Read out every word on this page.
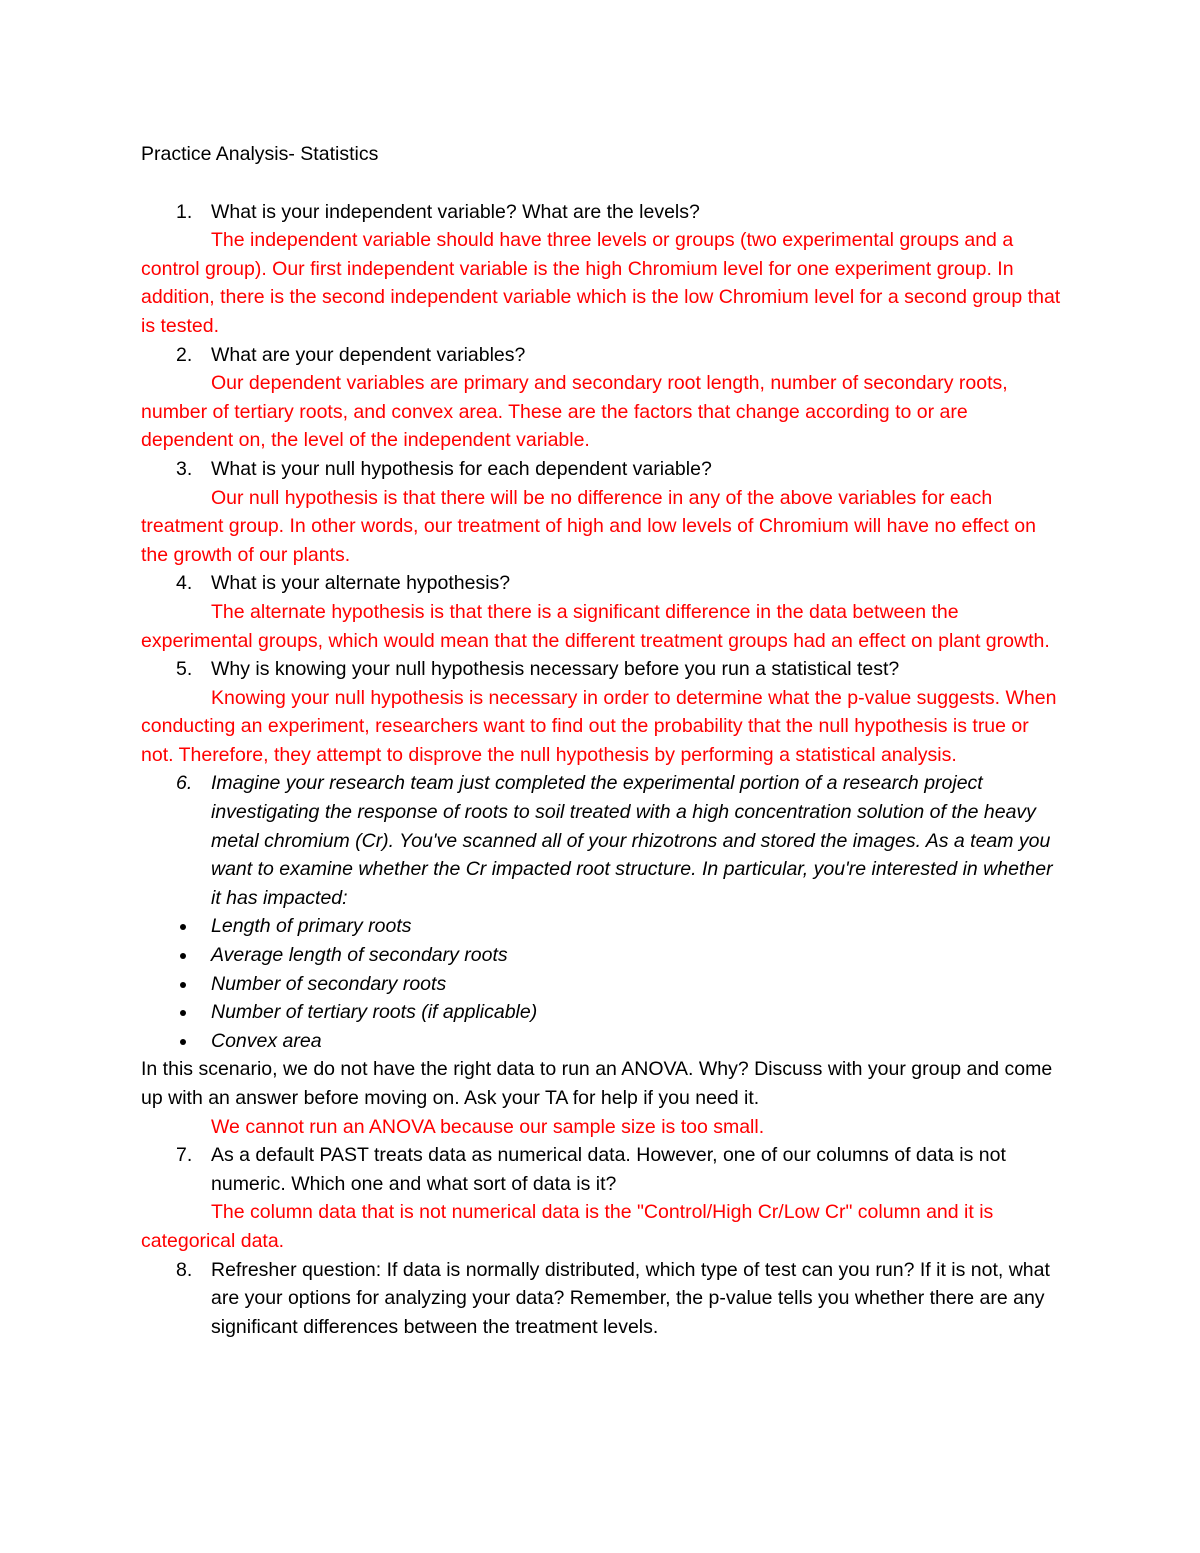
Practice Analysis- Statistics
1. What is your independent variable? What are the levels?
The independent variable should have three levels or groups (two experimental groups and a control group). Our first independent variable is the high Chromium level for one experiment group. In addition, there is the second independent variable which is the low Chromium level for a second group that is tested.
2. What are your dependent variables?
Our dependent variables are primary and secondary root length, number of secondary roots, number of tertiary roots, and convex area. These are the factors that change according to or are dependent on, the level of the independent variable.
3. What is your null hypothesis for each dependent variable?
Our null hypothesis is that there will be no difference in any of the above variables for each treatment group. In other words, our treatment of high and low levels of Chromium will have no effect on the growth of our plants.
4. What is your alternate hypothesis?
The alternate hypothesis is that there is a significant difference in the data between the experimental groups, which would mean that the different treatment groups had an effect on plant growth.
5. Why is knowing your null hypothesis necessary before you run a statistical test?
Knowing your null hypothesis is necessary in order to determine what the p-value suggests. When conducting an experiment, researchers want to find out the probability that the null hypothesis is true or not. Therefore, they attempt to disprove the null hypothesis by performing a statistical analysis.
6. Imagine your research team just completed the experimental portion of a research project investigating the response of roots to soil treated with a high concentration solution of the heavy metal chromium (Cr). You've scanned all of your rhizotrons and stored the images. As a team you want to examine whether the Cr impacted root structure. In particular, you're interested in whether it has impacted:
Length of primary roots
Average length of secondary roots
Number of secondary roots
Number of tertiary roots (if applicable)
Convex area
In this scenario, we do not have the right data to run an ANOVA. Why? Discuss with your group and come up with an answer before moving on. Ask your TA for help if you need it.
We cannot run an ANOVA because our sample size is too small.
7. As a default PAST treats data as numerical data. However, one of our columns of data is not numeric. Which one and what sort of data is it?
The column data that is not numerical data is the "Control/High Cr/Low Cr" column and it is categorical data.
8. Refresher question: If data is normally distributed, which type of test can you run? If it is not, what are your options for analyzing your data? Remember, the p-value tells you whether there are any significant differences between the treatment levels.
